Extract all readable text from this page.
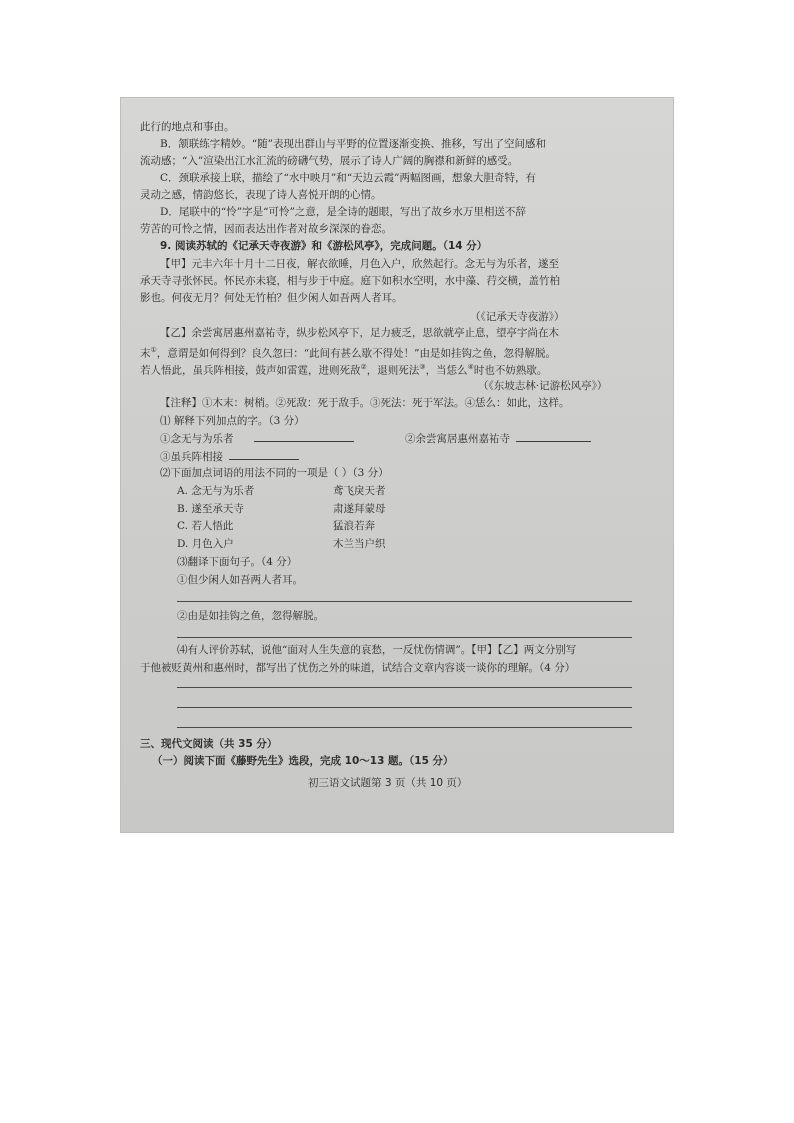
此行的地点和事由。
B．颔联练字精妙。“随”表现出群山与平野的位置逐渐变换、推移，写出了空间感和
流动感；“入”渲染出江水汇流的磅礴气势，展示了诗人广阔的胸襟和新鲜的感受。
C．颈联承接上联，描绘了“水中映月”和“天边云霞”两幅图画，想象大胆奇特，有
灵动之感，情韵悠长，表现了诗人喜悦开朗的心情。
D．尾联中的“怜”字是“可怜”之意，是全诗的题眼，写出了故乡水万里相送不辞
劳苦的可怜之情，因而表达出作者对故乡深深的眷恋。
9. 阅读苏轼的《记承天寺夜游》和《游松风亭》，完成问题。（14 分）
【甲】元丰六年十月十二日夜，解衣欲睡，月色入户，欣然起行。念无与为乐者，遂至
承天寺寻张怀民。怀民亦未寝，相与步于中庭。庭下如积水空明，水中藻、荇交横，盖竹柏
影也。何夜无月？何处无竹柏？但少闲人如吾两人者耳。
（《记承天寺夜游》）
【乙】余尝寓居惠州嘉祐寺，纵步松风亭下，足力疲乏，思欲就亭止息，望亭宇尚在木
末①，意谓是如何得到？良久忽曰：“此间有甚么歇不得处！”由是如挂钩之鱼，忽得解脱。
若人悟此，虽兵阵相接，鼓声如雷霆，进则死敌②，退则死法③，当恁么④时也不妨熟歇。
（《东坡志林·记游松风亭》）
【注释】①木末：树梢。②死敌：死于敌手。③死法：死于军法。④恁么：如此，这样。
⑴ 解释下列加点的字。（3 分）
①念无与为乐者	②余尝寓居惠州嘉祐寺
③虽兵阵相接
⑵下面加点词语的用法不同的一项是（ ）（3 分）
A. 念无与为乐者	鸢飞戾天者
B. 遂至承天寺	肃遂拜蒙母
C. 若人悟此	猛浪若奔
D. 月色入户	木兰当户织
⑶翻译下面句子。（4 分）
①但少闲人如吾两人者耳。
②由是如挂钩之鱼，忽得解脱。
⑷有人评价苏轼，说他“面对人生失意的哀愁，一反忧伤情调”。【甲】【乙】两文分别写
于他被贬黄州和惠州时，都写出了忧伤之外的味道，试结合文章内容谈一谈你的理解。（4 分）
三、现代文阅读（共 35 分）
（一）阅读下面《藤野先生》选段，完成 10～13 题。（15 分）
初三语文试题第 3 页（共 10 页）
